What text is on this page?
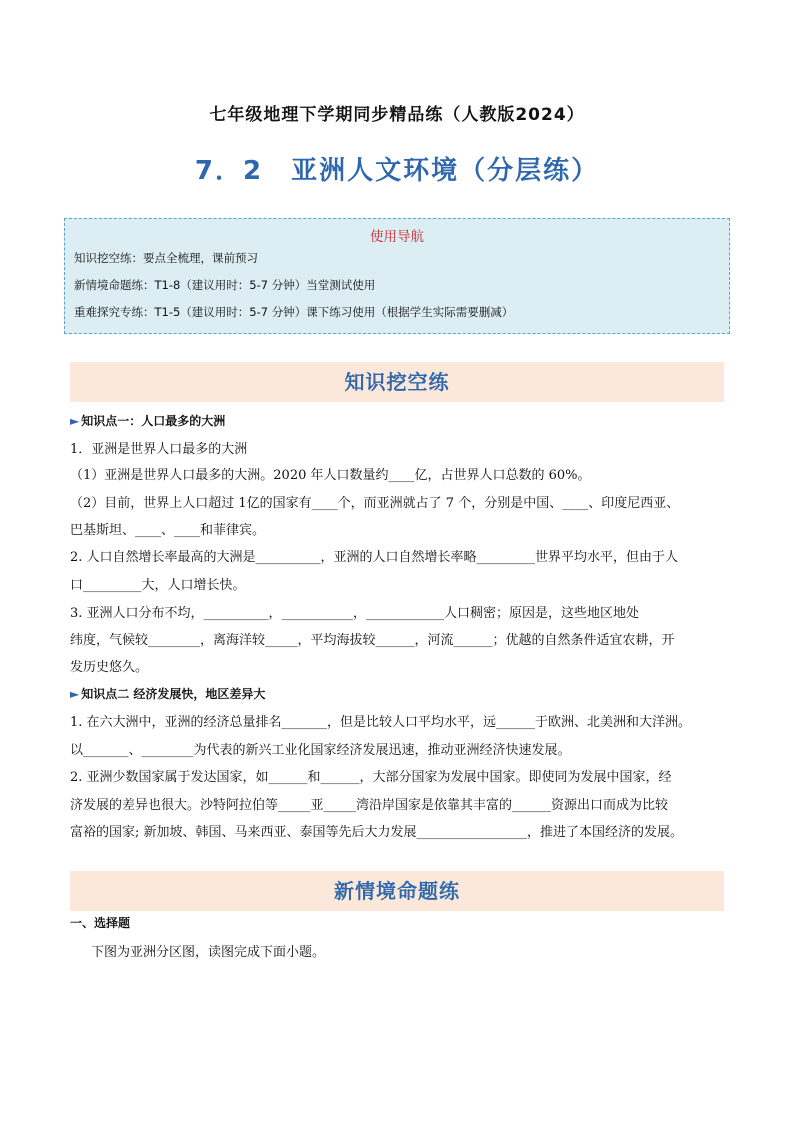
七年级地理下学期同步精品练（人教版2024）
7．2　亚洲人文环境（分层练）
使用导航
知识挖空练：要点全梳理，课前预习
新情境命题练：T1-8（建议用时：5-7 分钟）当堂测试使用
重难探究专练：T1-5（建议用时：5-7 分钟）课下练习使用（根据学生实际需要删减）
知识挖空练
► 知识点一：人口最多的大洲
1．亚洲是世界人口最多的大洲
（1）亚洲是世界人口最多的大洲。2020 年人口数量约____亿，占世界人口总数的 60%。
（2）目前，世界上人口超过 1亿的国家有____个，而亚洲就占了 7 个，分别是中国、____、印度尼西亚、
巴基斯坦、____、____和菲律宾。
2. 人口自然增长率最高的大洲是__________，亚洲的人口自然增长率略_________世界平均水平，但由于人
口_________大，人口增长快。
3. 亚洲人口分布不均，__________，___________，____________人口稠密；原因是，这些地区地处
纬度，气候较________，离海洋较_____，平均海拔较______，河流______；优越的自然条件适宜农耕，开
发历史悠久。
► 知识点二 经济发展快，地区差异大
1. 在六大洲中，亚洲的经济总量排名_______，但是比较人口平均水平，远______于欧洲、北美洲和大洋洲。
以_______、________为代表的新兴工业化国家经济发展迅速，推动亚洲经济快速发展。
2. 亚洲少数国家属于发达国家，如______和______，大部分国家为发展中国家。即使同为发展中国家，经
济发展的差异也很大。沙特阿拉伯等_____亚_____湾沿岸国家是依靠其丰富的______资源出口而成为比较
富裕的国家; 新加坡、韩国、马来西亚、泰国等先后大力发展_________________，推进了本国经济的发展。
新情境命题练
一、选择题
下图为亚洲分区图，读图完成下面小题。
